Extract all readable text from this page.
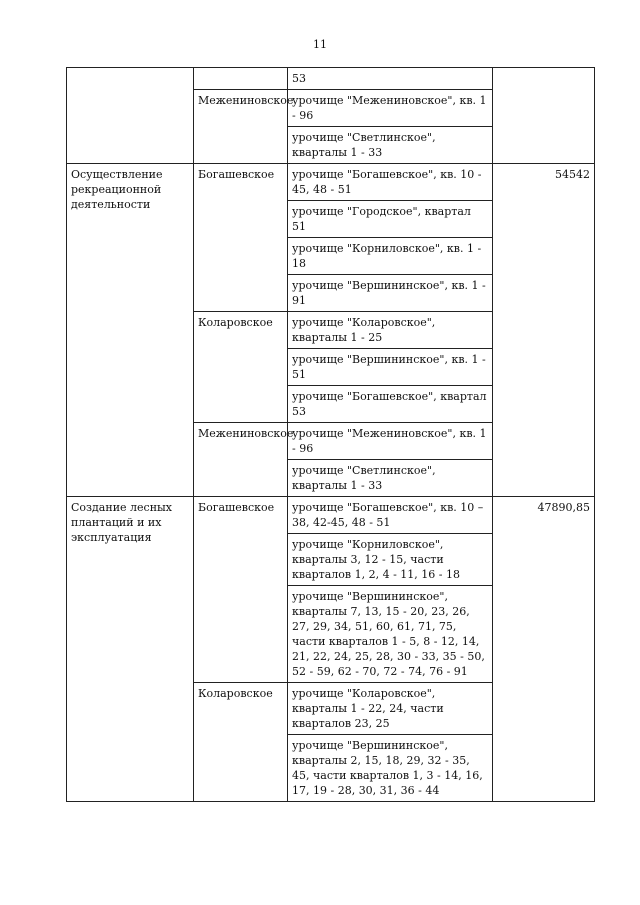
11
		53	
	Межениновское	урочище "Межениновское", кв. 1 - 96	
		урочище "Светлинское", кварталы 1 - 33	
Осуществление рекреационной деятельности	Богашевское	урочище "Богашевское", кв. 10 - 45, 48 - 51	54542
		урочище "Городское", квартал 51	
		урочище "Корниловское", кв. 1 - 18	
		урочище "Вершининское", кв. 1 - 91	
	Коларовское	урочище "Коларовское", кварталы 1 - 25	
		урочище "Вершининское", кв. 1 - 51	
		урочище "Богашевское", квартал 53	
	Межениновское	урочище "Межениновское", кв. 1 - 96	
		урочище "Светлинское", кварталы 1 - 33	
Создание лесных плантаций и их эксплуатация	Богашевское	урочище "Богашевское", кв. 10 – 38, 42-45, 48 - 51	47890,85
		урочище "Корниловское", кварталы 3, 12 - 15, части кварталов 1, 2, 4 - 11, 16 - 18	
		урочище "Вершининское", кварталы 7, 13, 15 - 20, 23, 26, 27, 29, 34, 51, 60, 61, 71, 75, части кварталов 1 - 5, 8 - 12, 14, 21, 22, 24, 25, 28, 30 - 33, 35 - 50, 52 - 59, 62 - 70, 72 - 74, 76 - 91	
	Коларовское	урочище "Коларовское", кварталы 1 - 22, 24, части кварталов 23, 25	
		урочище "Вершининское", кварталы 2, 15, 18, 29, 32 - 35, 45, части кварталов 1, 3 - 14, 16, 17, 19 - 28, 30, 31, 36 - 44	
